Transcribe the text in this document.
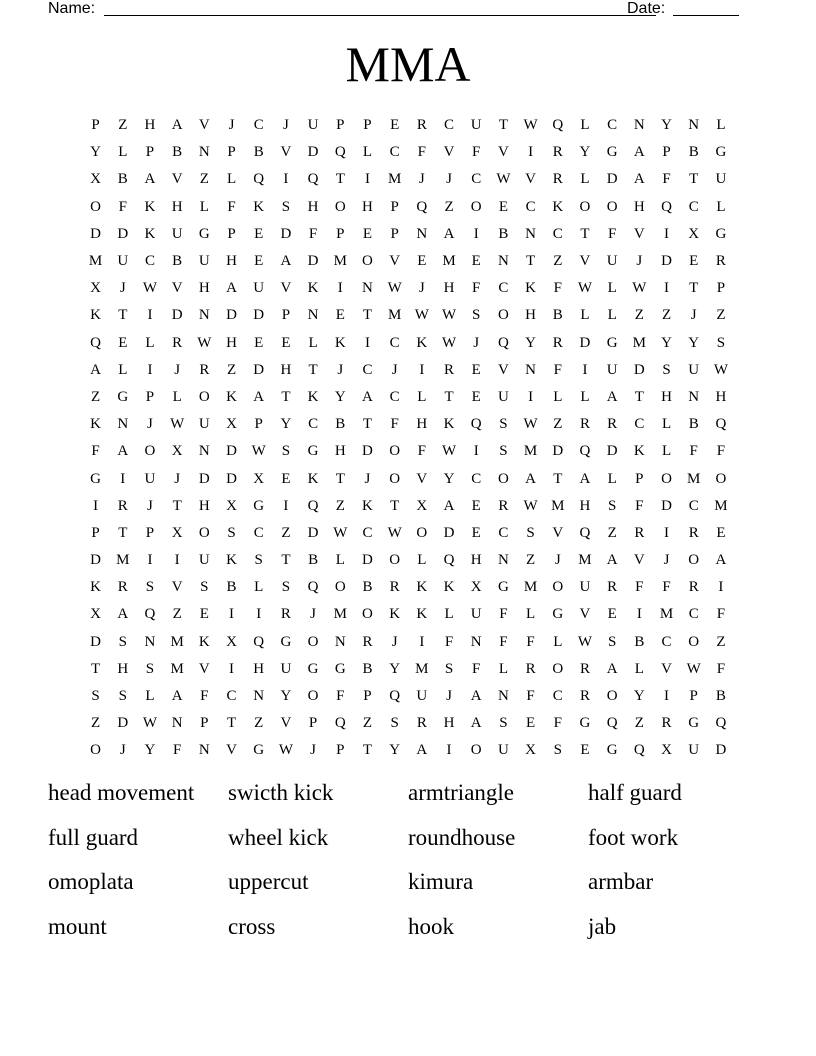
Name:	Date:
MMA
P	Z	H	A	V	J	C	J	U	P	P	E	R	C	U	T	W Q	L	C	N	Y	N	L
Y	L	P	B	N	P	B	V	D	Q	L	C	F	V	F	V	I	R	Y	G	A	P	B	G
X	B	A	V	Z	L	Q	I	Q	T	I	M	J	J	C	W V	R	L	D	A	F	T	U
O	F	K	H	L	F	K	S	H	O	H	P	Q	Z	O	E	C	K	O	O	H	Q	C	L
D	D	K	U	G	P	E	D	F	P	E	P	N	A	I	B	N	C	T	F	V	I	X	G
M	U	C	B	U	H	E	A	D	M	O	V	E	M	E	N	T	Z	V	U	J	D	E	R
X	J	W V	H	A	U	V	K	I	N W	J	H	F	C	K	F	W	L	W	I	T	P
K	T	I	D	N	D	D	P	N	E	T	M W W	S	O	H	B	L	L	Z	Z	J	Z
Q	E	L	R	W H	E	E	L	K	I	C	K W	J	Q	Y	R	D	G	M	Y	Y	S
A	L	I	J	R	Z	D	H	T	J	C	J	I	R	E	V	N	F	I	U	D	S	U W
Z	G	P	L	O	K	A	T	K	Y	A	C	L	T	E	U	I	L	L	A	T	H	N	H
K	N	J	W U	X	P	Y	C	B	T	F	H	K	Q	S	W	Z	R	R	C	L	B	Q
F	A	O	X	N	D W	S	G	H	D	O	F	W	I	S	M	D	Q	D	K	L	F	F
G	I	U	J	D	D	X	E	K	T	J	O	V	Y	C	O	A	T	A	L	P	O	M	O
I	R	J	T	H	X	G	I	Q	Z	K	T	X	A	E	R	W M	H	S	F	D	C	M
P	T	P	X	O	S	C	Z	D W	C	W O	D	E	C	S	V	Q	Z	R	I	R	E
D	M	I	I	U	K	S	T	B	L	D	O	L	Q	H	N	Z	J	M	A	V	J	O	A
K	R	S	V	S	B	L	S	Q	O	B	R	K	K	X	G	M	O	U	R	F	F	R	I
X	A	Q	Z	E	I	I	R	J	M	O	K	K	L	U	F	L	G	V	E	I	M	C	F
D	S	N	M	K	X	Q	G	O	N	R	J	I	F	N	F	F	L	W	S	B	C	O	Z
T	H	S	M	V	I	H	U	G	G	B	Y	M	S	F	L	R	O	R	A	L	V W	F
S	S	L	A	F	C	N	Y	O	F	P	Q	U	J	A	N	F	C	R	O	Y	I	P	B
Z	D W N	P	T	Z	V	P	Q	Z	S	R	H	A	S	E	F	G	Q	Z	R	G	Q
O	J	Y	F	N	V	G W	J	P	T	Y	A	I	O	U	X	S	E	G	Q	X	U	D
head movement	swicth kick	armtriangle	half guard
full guard	wheel kick	roundhouse	foot work
omoplata	uppercut	kimura	armbar
mount	cross	hook	jab
